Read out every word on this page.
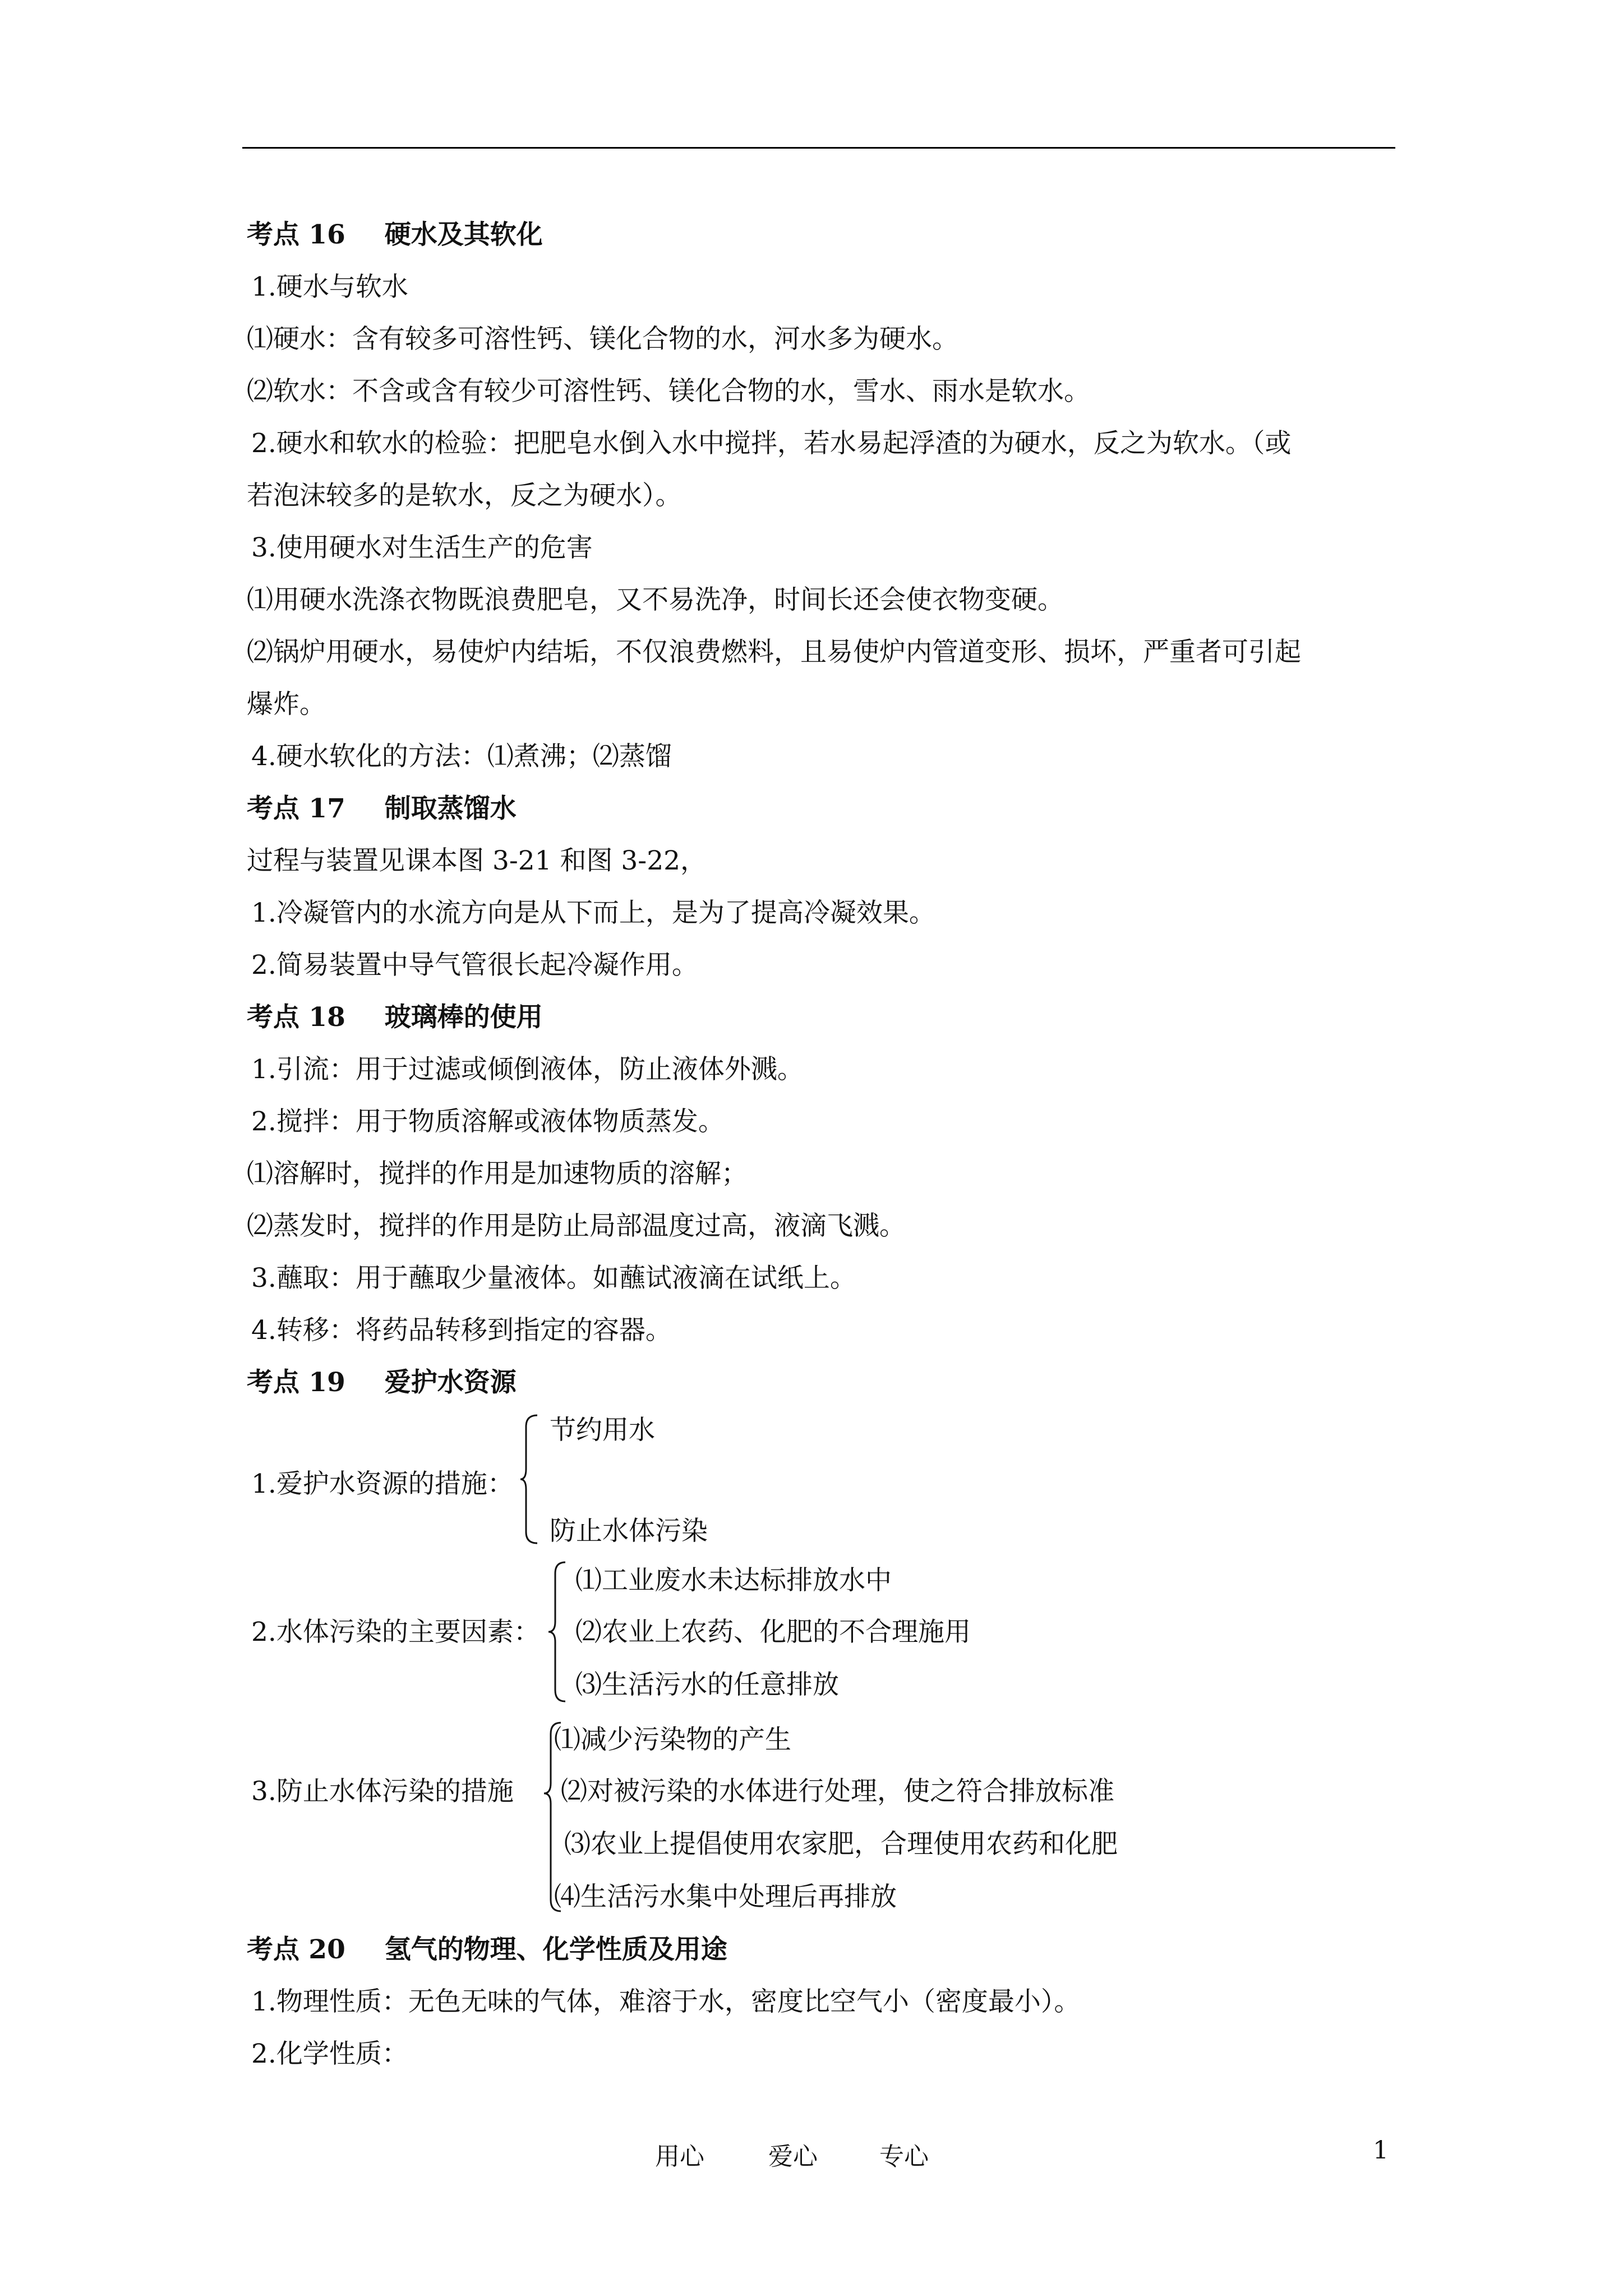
考点 16 硬水及其软化
1.硬水与软水
⑴硬水：含有较多可溶性钙、镁化合物的水，河水多为硬水。
⑵软水：不含或含有较少可溶性钙、镁化合物的水，雪水、雨水是软水。
2.硬水和软水的检验：把肥皂水倒入水中搅拌，若水易起浮渣的为硬水，反之为软水。（或
若泡沫较多的是软水，反之为硬水）。
3.使用硬水对生活生产的危害
⑴用硬水洗涤衣物既浪费肥皂，又不易洗净，时间长还会使衣物变硬。
⑵锅炉用硬水，易使炉内结垢，不仅浪费燃料，且易使炉内管道变形、损坏，严重者可引起
爆炸。
4.硬水软化的方法：⑴煮沸；⑵蒸馏
考点 17 制取蒸馏水
过程与装置见课本图 3-21 和图 3-22，
1.冷凝管内的水流方向是从下而上，是为了提高冷凝效果。
2.简易装置中导气管很长起冷凝作用。
考点 18 玻璃棒的使用
1.引流：用于过滤或倾倒液体，防止液体外溅。
2.搅拌：用于物质溶解或液体物质蒸发。
⑴溶解时，搅拌的作用是加速物质的溶解；
⑵蒸发时，搅拌的作用是防止局部温度过高，液滴飞溅。
3.蘸取：用于蘸取少量液体。如蘸试液滴在试纸上。
4.转移：将药品转移到指定的容器。
考点 19 爱护水资源
1.爱护水资源的措施：
节约用水
防止水体污染
2.水体污染的主要因素：
⑴工业废水未达标排放水中
⑵农业上农药、化肥的不合理施用
⑶生活污水的任意排放
3.防止水体污染的措施
⑴减少污染物的产生
⑵对被污染的水体进行处理，使之符合排放标准
⑶农业上提倡使用农家肥，合理使用农药和化肥
⑷生活污水集中处理后再排放
考点 20 氢气的物理、化学性质及用途
1.物理性质：无色无味的气体，难溶于水，密度比空气小（密度最小）。
2.化学性质：
用心	爱心	专心	1
